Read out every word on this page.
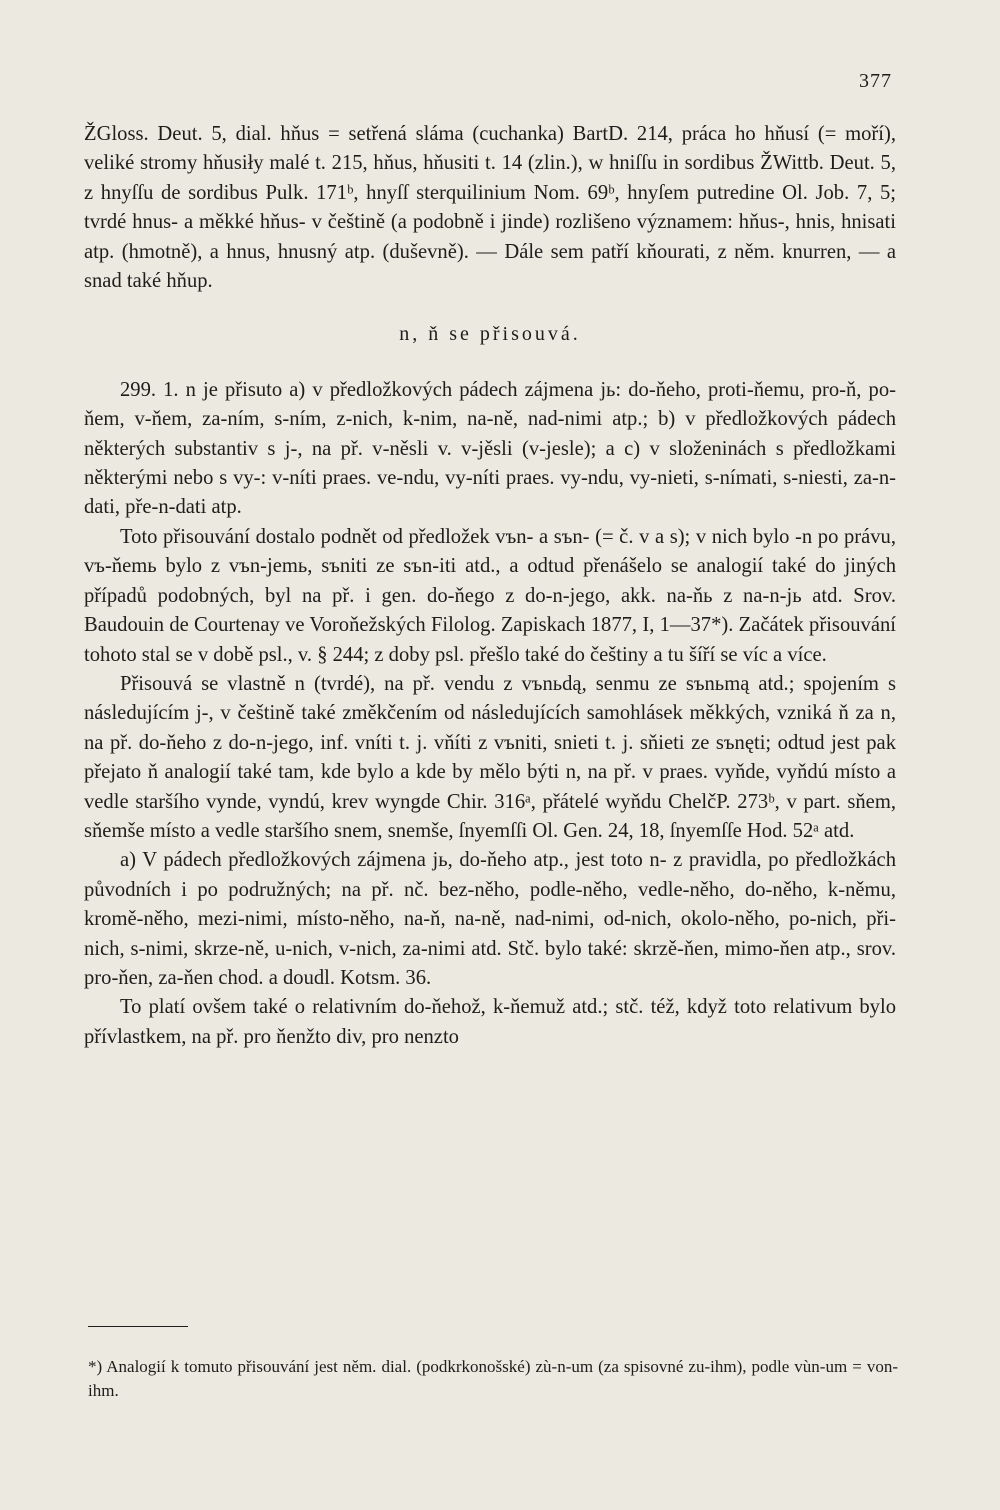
377

ŽGloss. Deut. 5, dial. hňus = setřená sláma (cuchanka) BartD. 214, práca ho hňusí (= moří), veliké stromy hňusiły malé t. 215, hňus, hňusiti t. 14 (zlin.), w hniſſu in sordibus ŽWittb. Deut. 5, z hnyſſu de sordibus Pulk. 171ᵇ, hnyſſ sterquilinium Nom. 69ᵇ, hnyſem putredine Ol. Job. 7, 5; tvrdé hnus- a měkké hňus- v češtině (a podobně i jinde) rozlišeno významem: hňus-, hnis, hnisati atp. (hmotně), a hnus, hnusný atp. (duševně). — Dále sem patří kňourati, z něm. knurren, — a snad také hňup.

n, ň se přisouvá.

299. 1. n je přisuto a) v předložkových pádech zájmena jь: do-ňeho, proti-ňemu, pro-ň, po-ňem, v-ňem, za-ním, s-ním, z-nich, k-nim, na-ně, nad-nimi atp.; b) v předložkových pádech některých substantiv s j-, na př. v-něsli v. v-jěsli (v-jesle); a c) v složeninách s předložkami některými nebo s vy-: v-níti praes. ve-ndu, vy-níti praes. vy-ndu, vy-nieti, s-nímati, s-niesti, za-n-dati, pře-n-dati atp.

Toto přisouvání dostalo podnět od předložek vъn- a sъn- (= č. v a s); v nich bylo -n po právu, vъ-ňemь bylo z vъn-jemь, sъniti ze sъn-iti atd., a odtud přenášelo se analogií také do jiných případů podobných, byl na př. i gen. do-ňego z do-n-jego, akk. na-ňь z na-n-jь atd. Srov. Baudouin de Courtenay ve Voroňežských Filolog. Zapiskach 1877, I, 1—37*). Začátek přisouvání tohoto stal se v době psl., v. § 244; z doby psl. přešlo také do češtiny a tu šíří se víc a více.

Přisouvá se vlastně n (tvrdé), na př. vendu z vъnьdą, senmu ze sъnьmą atd.; spojením s následujícím j-, v češtině také změkčením od následujících samohlásek měkkých, vzniká ň za n, na př. do-ňeho z do-n-jego, inf. vníti t. j. vňíti z vъniti, snieti t. j. sňieti ze sъnęti; odtud jest pak přejato ň analogií také tam, kde bylo a kde by mělo býti n, na př. v praes. vyňde, vyňdú místo a vedle staršího vynde, vyndú, krev wyngde Chir. 316ᵃ, přátelé wyňdu ChelčP. 273ᵇ, v part. sňem, sňemše místo a vedle staršího snem, snemše, ſnyemſſi Ol. Gen. 24, 18, ſnyemſſe Hod. 52ᵃ atd.

a) V pádech předložkových zájmena jь, do-ňeho atp., jest toto n- z pravidla, po předložkách původních i po podružných; na př. nč. bez-něho, podle-něho, vedle-něho, do-něho, k-němu, kromě-něho, mezi-nimi, místo-něho, na-ň, na-ně, nad-nimi, od-nich, okolo-něho, po-nich, při-nich, s-nimi, skrze-ně, u-nich, v-nich, za-nimi atd. Stč. bylo také: skrzě-ňen, mimo-ňen atp., srov. pro-ňen, za-ňen chod. a doudl. Kotsm. 36.

To platí ovšem také o relativním do-ňehož, k-ňemuž atd.; stč. též, když toto relativum bylo přívlastkem, na př. pro ňenžto div, pro nenzto

*) Analogií k tomuto přisouvání jest něm. dial. (podkrkonošské) zù-n-um (za spisovné zu-ihm), podle vùn-um = von-ihm.
